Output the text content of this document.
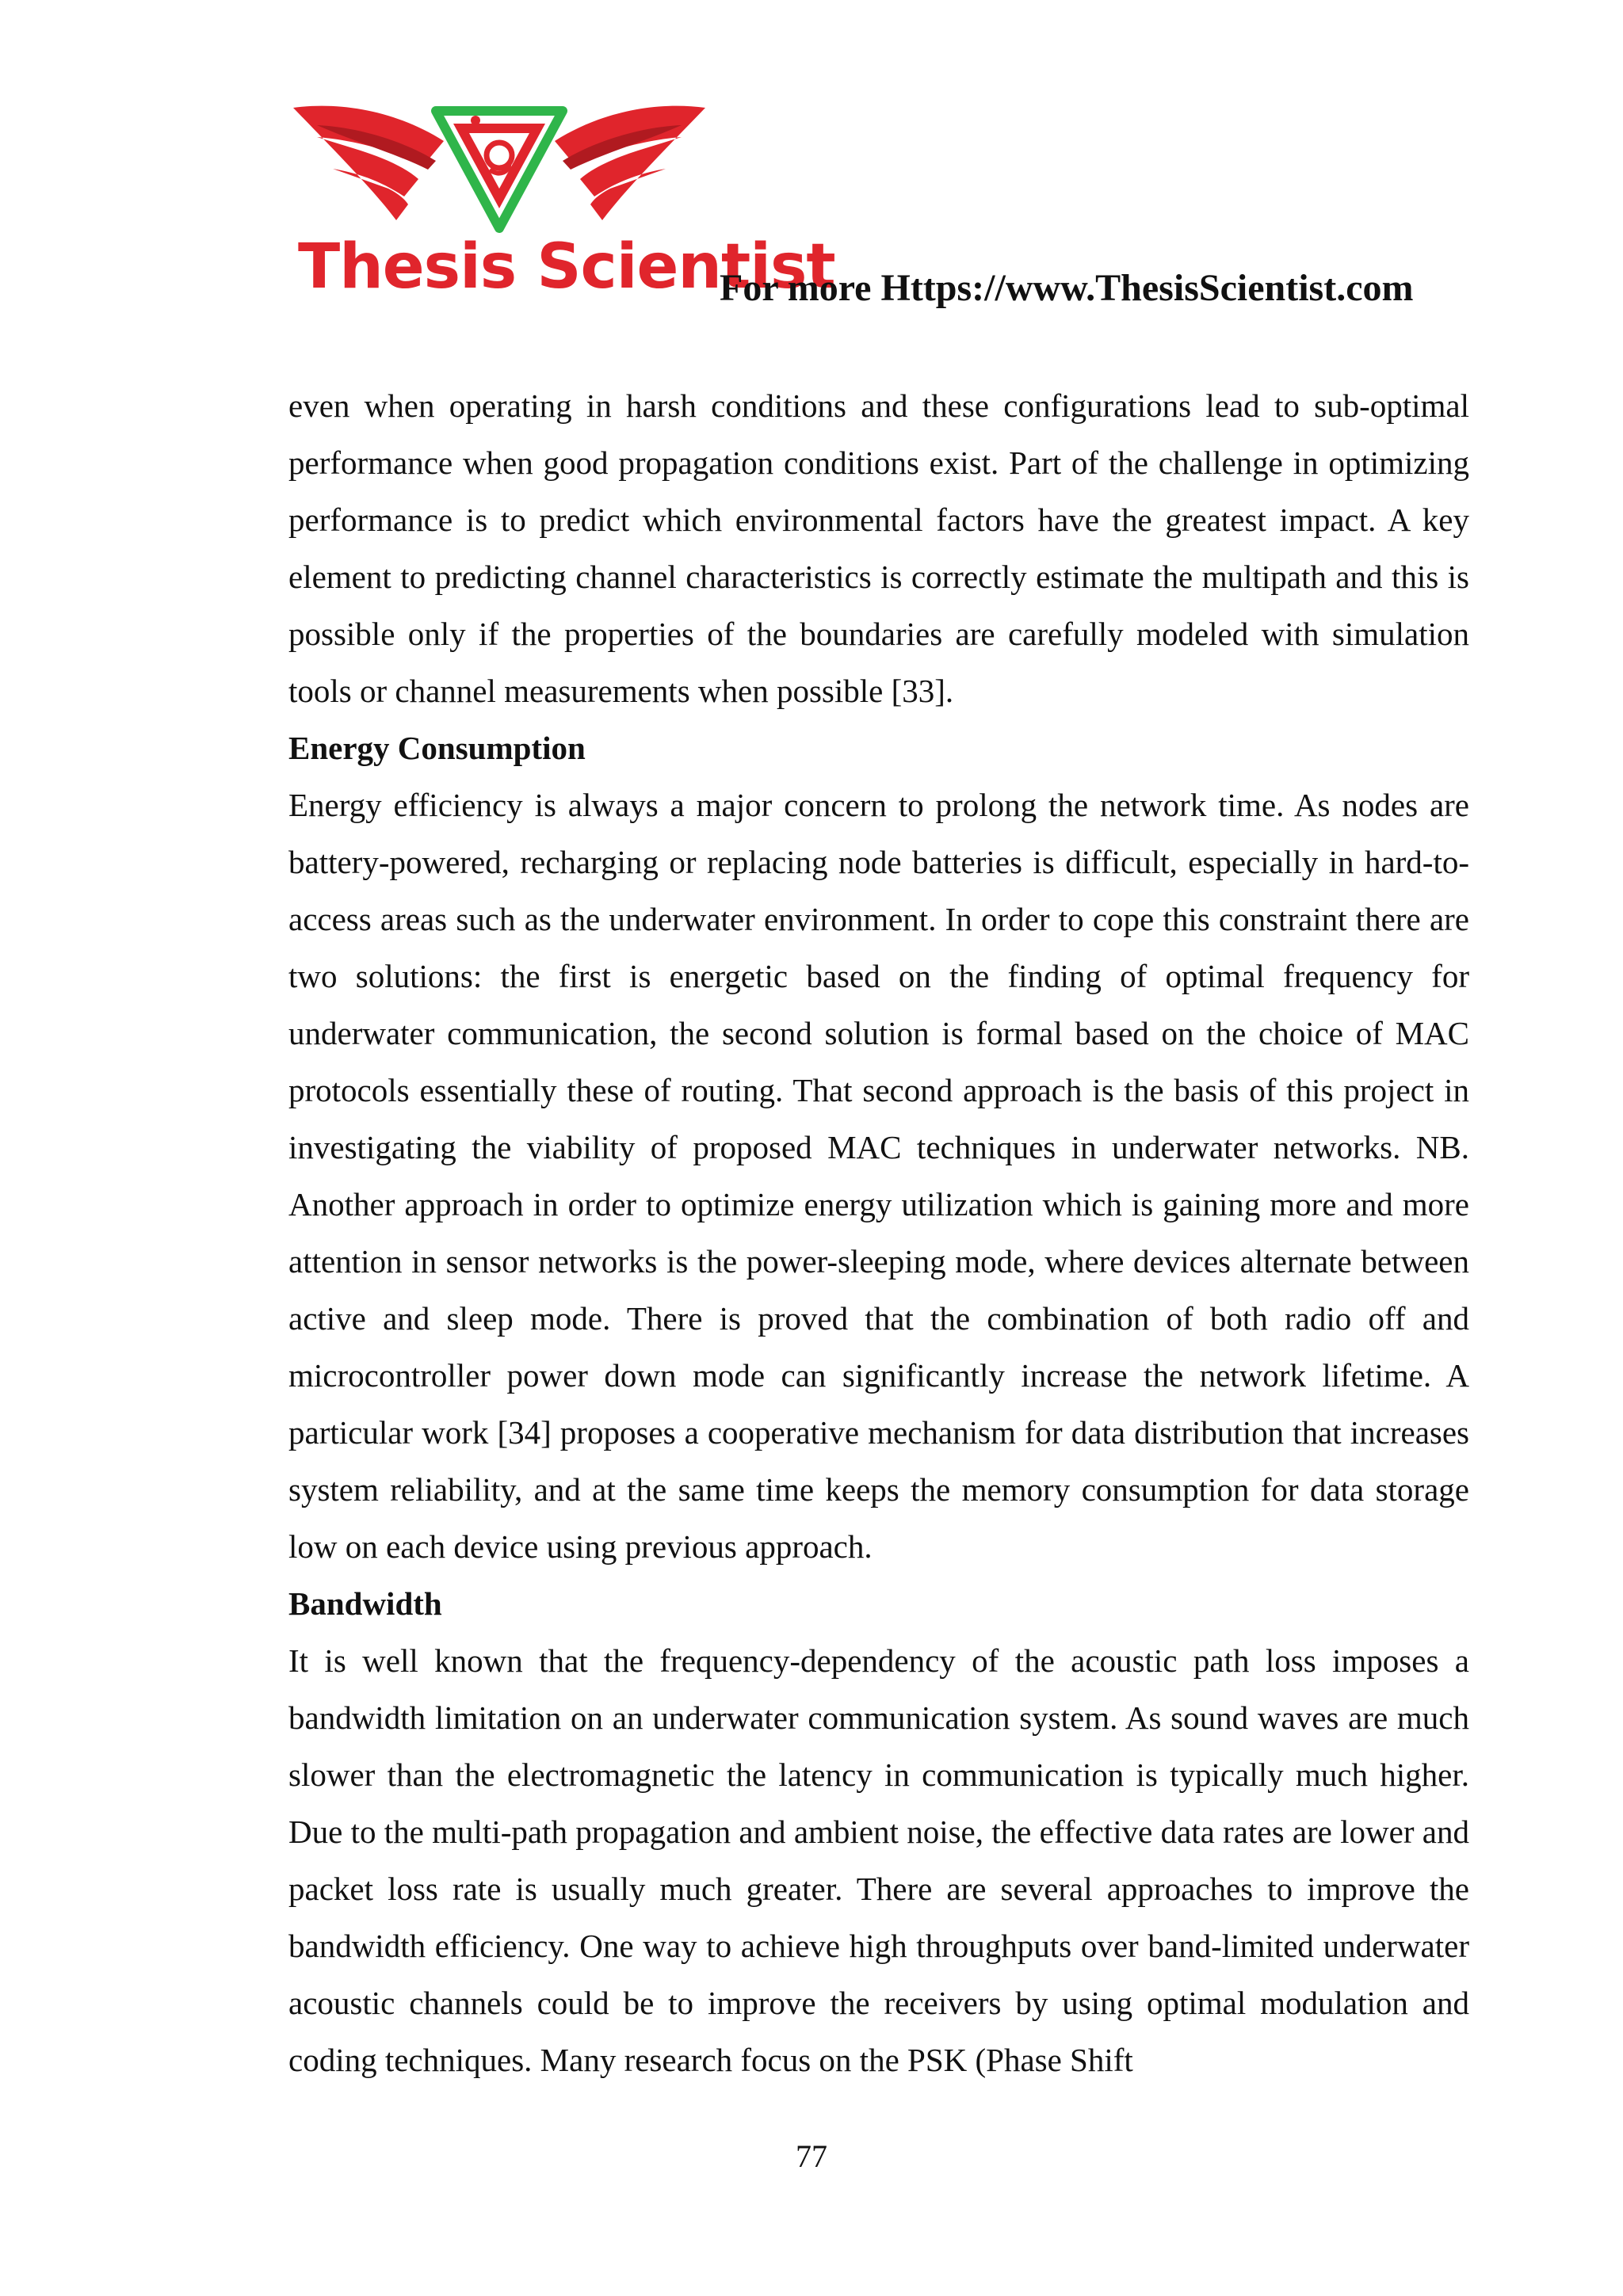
Thesis Scientist
For more Https://www.ThesisScientist.com

even when operating in harsh conditions and these configurations lead to sub-optimal performance when good propagation conditions exist. Part of the challenge in optimizing performance is to predict which environmental factors have the greatest impact. A key element to predicting channel characteristics is correctly estimate the multipath and this is possible only if the properties of the boundaries are carefully modeled with simulation tools or channel measurements when possible [33].

Energy Consumption

Energy efficiency is always a major concern to prolong the network time. As nodes are battery-powered, recharging or replacing node batteries is difficult, especially in hard-to-access areas such as the underwater environment. In order to cope this constraint there are two solutions: the first is energetic based on the finding of optimal frequency for underwater communication, the second solution is formal based on the choice of MAC protocols essentially these of routing. That second approach is the basis of this project in investigating the viability of proposed MAC techniques in underwater networks. NB. Another approach in order to optimize energy utilization which is gaining more and more attention in sensor networks is the power-sleeping mode, where devices alternate between active and sleep mode. There is proved that the combination of both radio off and microcontroller power down mode can significantly increase the network lifetime. A particular work [34] proposes a cooperative mechanism for data distribution that increases system reliability, and at the same time keeps the memory consumption for data storage low on each device using previous approach.

Bandwidth

It is well known that the frequency-dependency of the acoustic path loss imposes a bandwidth limitation on an underwater communication system. As sound waves are much slower than the electromagnetic the latency in communication is typically much higher. Due to the multi-path propagation and ambient noise, the effective data rates are lower and packet loss rate is usually much greater. There are several approaches to improve the bandwidth efficiency. One way to achieve high throughputs over band-limited underwater acoustic channels could be to improve the receivers by using optimal modulation and coding techniques. Many research focus on the PSK (Phase Shift

77
